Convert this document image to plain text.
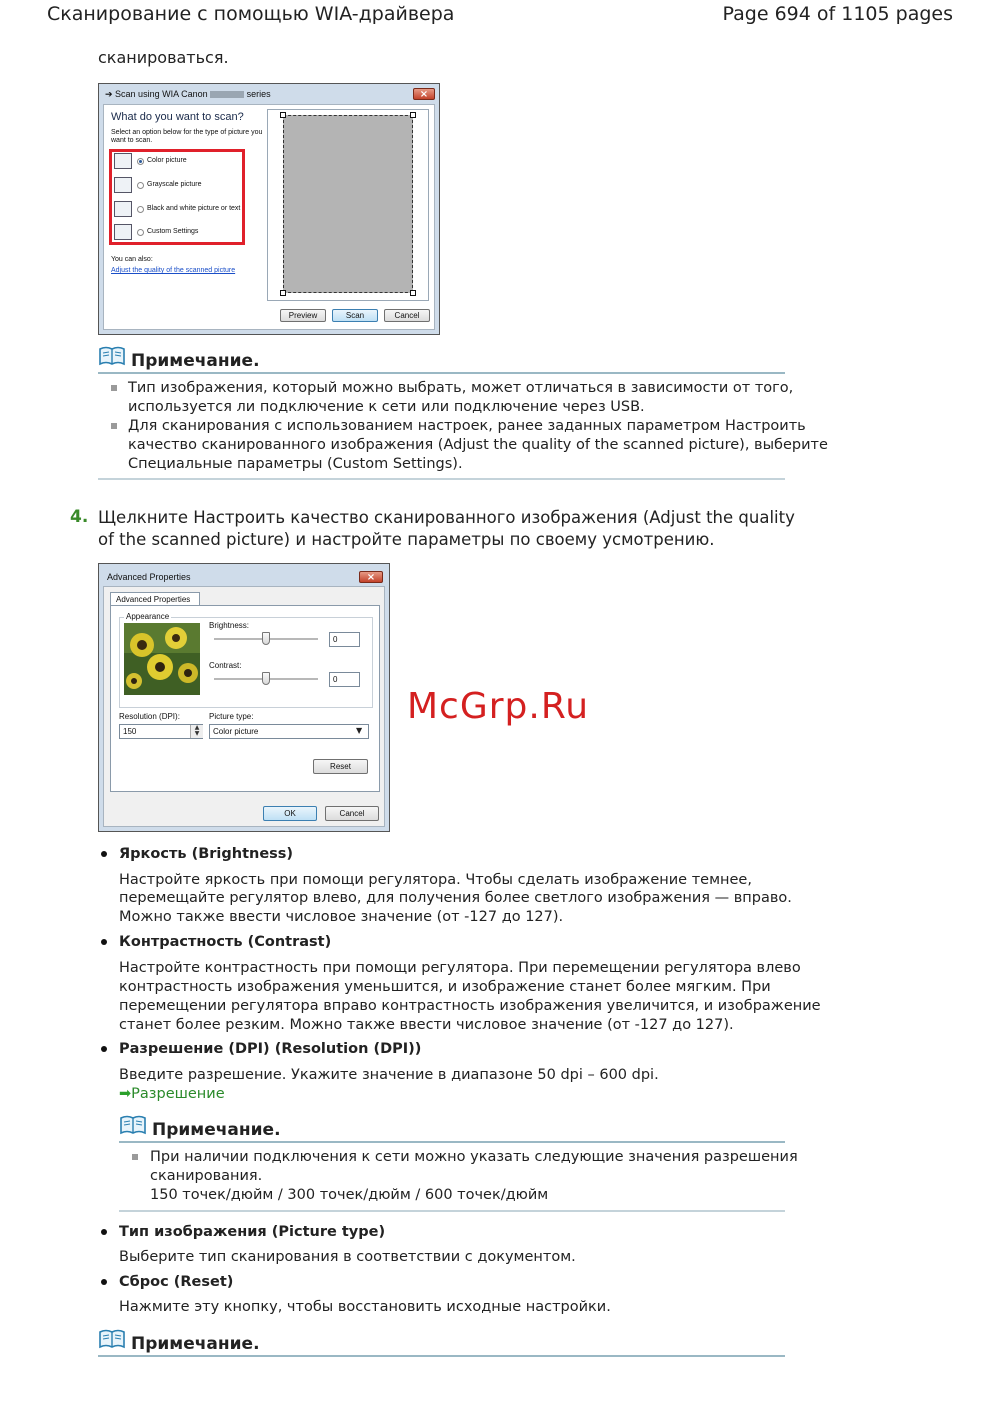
Сканирование с помощью WIA-драйвера	Page 694 of 1105 pages
сканироваться.
➔ Scan using WIA Canon	series	×
What do you want to scan?
Select an option below for the type of picture you
want to scan.
Color picture
Grayscale picture
Black and white picture or text
Custom Settings
You can also:
Adjust the quality of the scanned picture
Preview	Scan	Cancel
Примечание.
Тип изображения, который можно выбрать, может отличаться в зависимости от того,
используется ли подключение к сети или подключение через USB.
Для сканирования с использованием настроек, ранее заданных параметром Настроить
качество сканированного изображения (Adjust the quality of the scanned picture), выберите
Специальные параметры (Custom Settings).
4. Щелкните Настроить качество сканированного изображения (Adjust the quality
of the scanned picture) и настройте параметры по своему усмотрению.
Advanced Properties	×
Advanced Properties
Appearance
Brightness:
0
Contrast:
0
Resolution (DPI):
150	▲
▼
Picture type:
Color picture	▼
Reset
OK	Cancel
McGrp.Ru
Яркость (Brightness)
Настройте яркость при помощи регулятора. Чтобы сделать изображение темнее,
перемещайте регулятор влево, для получения более светлого изображения — вправо.
Можно также ввести числовое значение (от -127 до 127).
Контрастность (Contrast)
Настройте контрастность при помощи регулятора. При перемещении регулятора влево
контрастность изображения уменьшится, и изображение станет более мягким. При
перемещении регулятора вправо контрастность изображения увеличится, и изображение
станет более резким. Можно также ввести числовое значение (от -127 до 127).
Разрешение (DPI) (Resolution (DPI))
Введите разрешение. Укажите значение в диапазоне 50 dpi – 600 dpi.
➡Разрешение
Примечание.
При наличии подключения к сети можно указать следующие значения разрешения
сканирования.
150 точек/дюйм / 300 точек/дюйм / 600 точек/дюйм
Тип изображения (Picture type)
Выберите тип сканирования в соответствии с документом.
Сброс (Reset)
Нажмите эту кнопку, чтобы восстановить исходные настройки.
Примечание.
